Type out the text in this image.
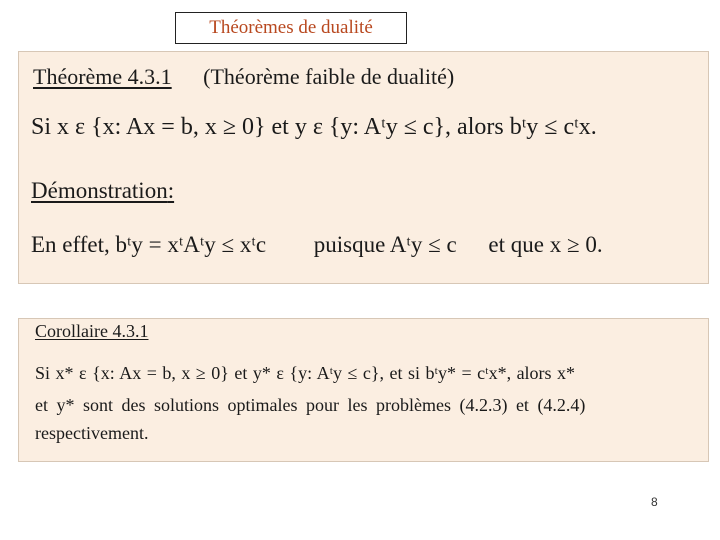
Théorèmes de dualité
Théorème 4.3.1 (Théorème faible de dualité)
Si x ε {x: Ax = b, x ≥ 0} et y ε {y: Aᵗy ≤ c}, alors bᵗy ≤ cᵗx.
Démonstration:
En effet, bᵗy = xᵗAᵗy ≤ xᵗc puisque Aᵗy ≤ c et que x ≥ 0.
Corollaire 4.3.1
Si x* ε {x: Ax = b, x ≥ 0} et y* ε {y: Aᵗy ≤ c}, et si bᵗy* = cᵗx*, alors x*
et y* sont des solutions optimales pour les problèmes (4.2.3) et (4.2.4)
respectivement.
8
